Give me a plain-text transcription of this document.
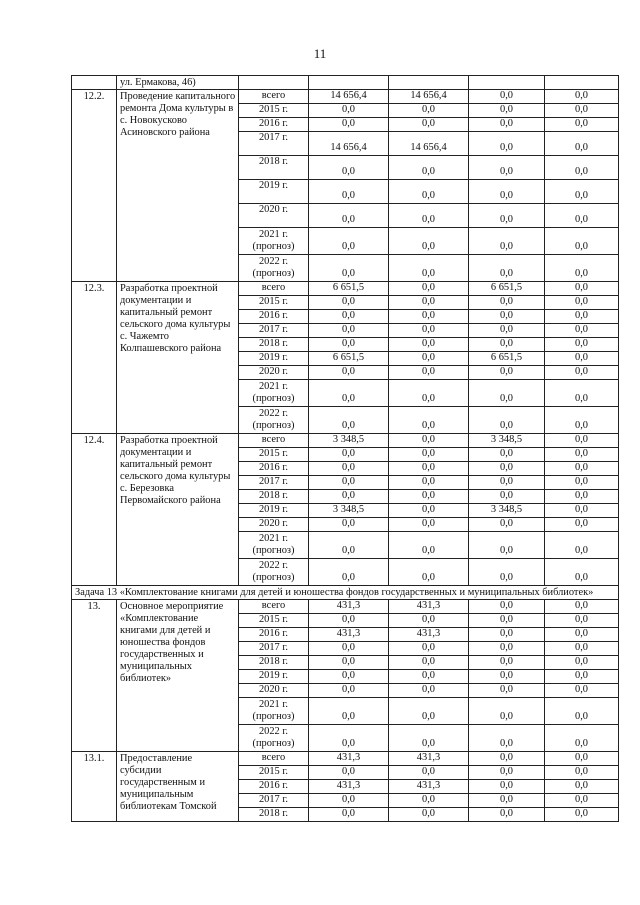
11
	ул. Ермакова, 46)					
12.2.	Проведение капитального ремонта Дома культуры в с. Новокусково Асиновского района	всего	14 656,4	14 656,4	0,0	0,0
		2015 г.	0,0	0,0	0,0	0,0
		2016 г.	0,0	0,0	0,0	0,0
		2017 г.	14 656,4	14 656,4	0,0	0,0
		2018 г.	0,0	0,0	0,0	0,0
		2019 г.	0,0	0,0	0,0	0,0
		2020 г.	0,0	0,0	0,0	0,0
		2021 г. (прогноз)	0,0	0,0	0,0	0,0
		2022 г. (прогноз)	0,0	0,0	0,0	0,0
12.3.	Разработка проектной документации и капитальный ремонт сельского дома культуры с. Чажемто Колпашевского района	всего	6 651,5	0,0	6 651,5	0,0
		2015 г.	0,0	0,0	0,0	0,0
		2016 г.	0,0	0,0	0,0	0,0
		2017 г.	0,0	0,0	0,0	0,0
		2018 г.	0,0	0,0	0,0	0,0
		2019 г.	6 651,5	0,0	6 651,5	0,0
		2020 г.	0,0	0,0	0,0	0,0
		2021 г. (прогноз)	0,0	0,0	0,0	0,0
		2022 г. (прогноз)	0,0	0,0	0,0	0,0
12.4.	Разработка проектной документации и капитальный ремонт сельского дома культуры с. Березовка Первомайского района	всего	3 348,5	0,0	3 348,5	0,0
		2015 г.	0,0	0,0	0,0	0,0
		2016 г.	0,0	0,0	0,0	0,0
		2017 г.	0,0	0,0	0,0	0,0
		2018 г.	0,0	0,0	0,0	0,0
		2019 г.	3 348,5	0,0	3 348,5	0,0
		2020 г.	0,0	0,0	0,0	0,0
		2021 г. (прогноз)	0,0	0,0	0,0	0,0
		2022 г. (прогноз)	0,0	0,0	0,0	0,0
Задача 13 «Комплектование книгами для детей и юношества фондов государственных и муниципальных библиотек»						
13.	Основное мероприятие «Комплектование книгами для детей и юношества фондов государственных и муниципальных библиотек»	всего	431,3	431,3	0,0	0,0
		2015 г.	0,0	0,0	0,0	0,0
		2016 г.	431,3	431,3	0,0	0,0
		2017 г.	0,0	0,0	0,0	0,0
		2018 г.	0,0	0,0	0,0	0,0
		2019 г.	0,0	0,0	0,0	0,0
		2020 г.	0,0	0,0	0,0	0,0
		2021 г. (прогноз)	0,0	0,0	0,0	0,0
		2022 г. (прогноз)	0,0	0,0	0,0	0,0
13.1.	Предоставление субсидии государственным и муниципальным библиотекам Томской	всего	431,3	431,3	0,0	0,0
		2015 г.	0,0	0,0	0,0	0,0
		2016 г.	431,3	431,3	0,0	0,0
		2017 г.	0,0	0,0	0,0	0,0
		2018 г.	0,0	0,0	0,0	0,0
